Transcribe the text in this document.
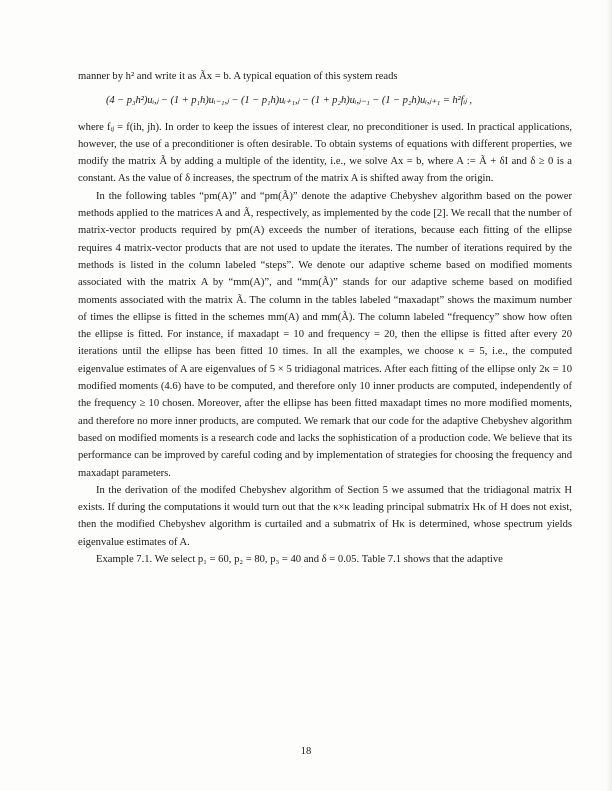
manner by h² and write it as Ãx = b. A typical equation of this system reads

(4 − p₃h²)uᵢ,ⱼ − (1 + p₁h)uᵢ₋₁,ⱼ − (1 − p₁h)uᵢ₊₁,ⱼ − (1 + p₂h)uᵢ,ⱼ₋₁ − (1 − p₂h)uᵢ,ⱼ₊₁ = h²fᵢⱼ ,

where fᵢⱼ = f(ih, jh). In order to keep the issues of interest clear, no preconditioner is used. In practical applications, however, the use of a preconditioner is often desirable. To obtain systems of equations with different properties, we modify the matrix Ã by adding a multiple of the identity, i.e., we solve Ax = b, where A := Ã + δI and δ ≥ 0 is a constant. As the value of δ increases, the spectrum of the matrix A is shifted away from the origin.

In the following tables “pm(A)” and “pm(Ã)” denote the adaptive Chebyshev algorithm based on the power methods applied to the matrices A and Ã, respectively, as implemented by the code [2]. We recall that the number of matrix-vector products required by pm(A) exceeds the number of iterations, because each fitting of the ellipse requires 4 matrix-vector products that are not used to update the iterates. The number of iterations required by the methods is listed in the column labeled “steps”. We denote our adaptive scheme based on modified moments associated with the matrix A by “mm(A)”, and “mm(Ã)” stands for our adaptive scheme based on modified moments associated with the matrix Ã. The column in the tables labeled “maxadapt” shows the maximum number of times the ellipse is fitted in the schemes mm(A) and mm(Ã). The column labeled “frequency” show how often the ellipse is fitted. For instance, if maxadapt = 10 and frequency = 20, then the ellipse is fitted after every 20 iterations until the ellipse has been fitted 10 times. In all the examples, we choose κ = 5, i.e., the computed eigenvalue estimates of A are eigenvalues of 5 × 5 tridiagonal matrices. After each fitting of the ellipse only 2κ = 10 modified moments (4.6) have to be computed, and therefore only 10 inner products are computed, independently of the frequency ≥ 10 chosen. Moreover, after the ellipse has been fitted maxadapt times no more modified moments, and therefore no more inner products, are computed. We remark that our code for the adaptive Chebyshev algorithm based on modified moments is a research code and lacks the sophistication of a production code. We believe that its performance can be improved by careful coding and by implementation of strategies for choosing the frequency and maxadapt parameters.

In the derivation of the modifed Chebyshev algorithm of Section 5 we assumed that the tridiagonal matrix H exists. If during the computations it would turn out that the κ×κ leading principal submatrix Hκ of H does not exist, then the modified Chebyshev algorithm is curtailed and a submatrix of Hκ is determined, whose spectrum yields eigenvalue estimates of A.

Example 7.1. We select p₁ = 60, p₂ = 80, p₃ = 40 and δ = 0.05. Table 7.1 shows that the adaptive

18
